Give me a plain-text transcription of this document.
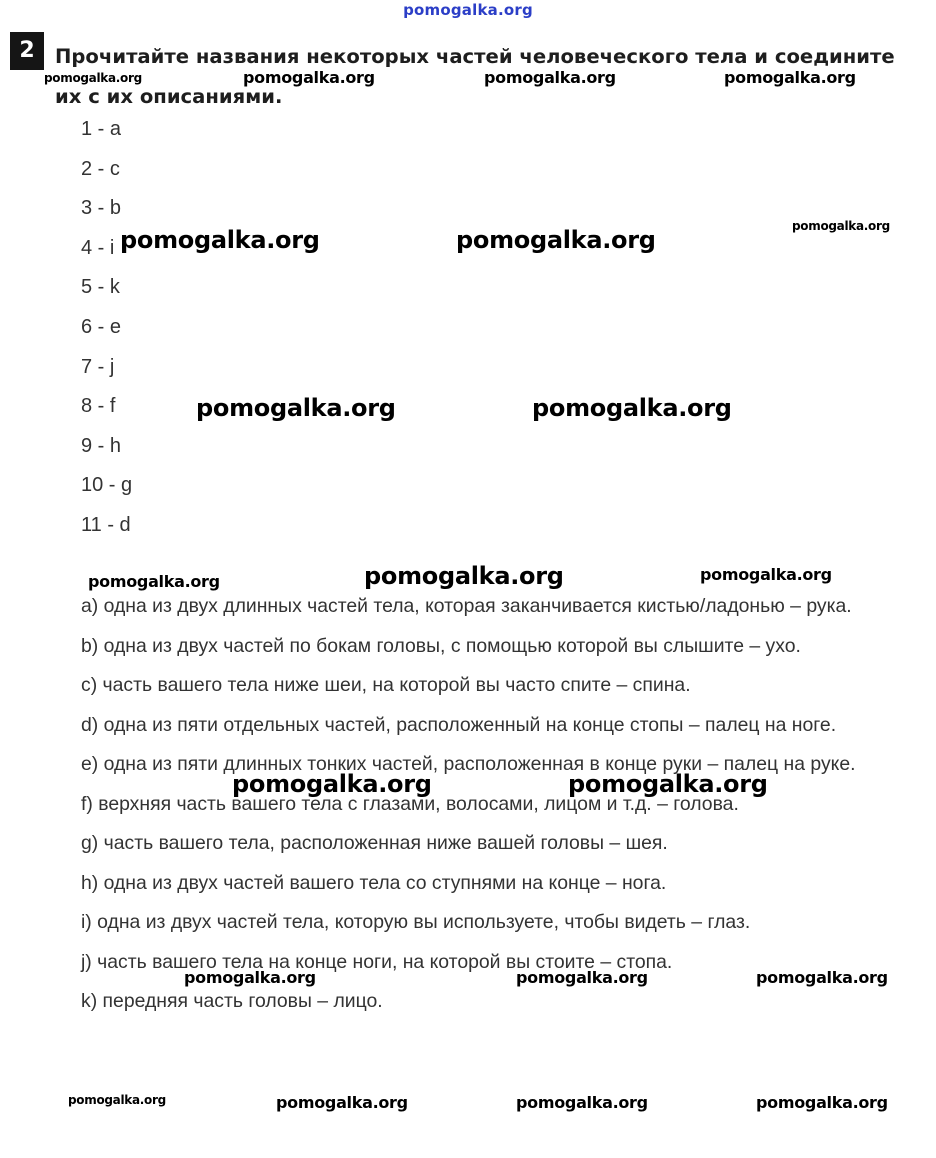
pomogalka.org
2	Прочитайте названия некоторых частей человеческого тела и соедините их с их описаниями.
1 - a
2 - c
3 - b
4 - i
5 - k
6 - e
7 - j
8 - f
9 - h
10 - g
11 - d
a) одна из двух длинных частей тела, которая заканчивается кистью/ладонью – рука.
b) одна из двух частей по бокам головы, с помощью которой вы слышите – ухо.
c) часть вашего тела ниже шеи, на которой вы часто спите – спина.
d) одна из пяти отдельных частей, расположенный на конце стопы – палец на ноге.
e) одна из пяти длинных тонких частей, расположенная в конце руки – палец на руке.
f) верхняя часть вашего тела с глазами, волосами, лицом и т.д. – голова.
g) часть вашего тела, расположенная ниже вашей головы – шея.
h) одна из двух частей вашего тела со ступнями на конце – нога.
i) одна из двух частей тела, которую вы используете, чтобы видеть – глаз.
j) часть вашего тела на конце ноги, на которой вы стоите – стопа.
k) передняя часть головы – лицо.
pomogalka.org	pomogalka.org	pomogalka.org	pomogalka.org
pomogalka.org	pomogalka.org	pomogalka.org
pomogalka.org	pomogalka.org
pomogalka.org	pomogalka.org	pomogalka.org
pomogalka.org	pomogalka.org
pomogalka.org	pomogalka.org	pomogalka.org
pomogalka.org	pomogalka.org	pomogalka.org	pomogalka.org
